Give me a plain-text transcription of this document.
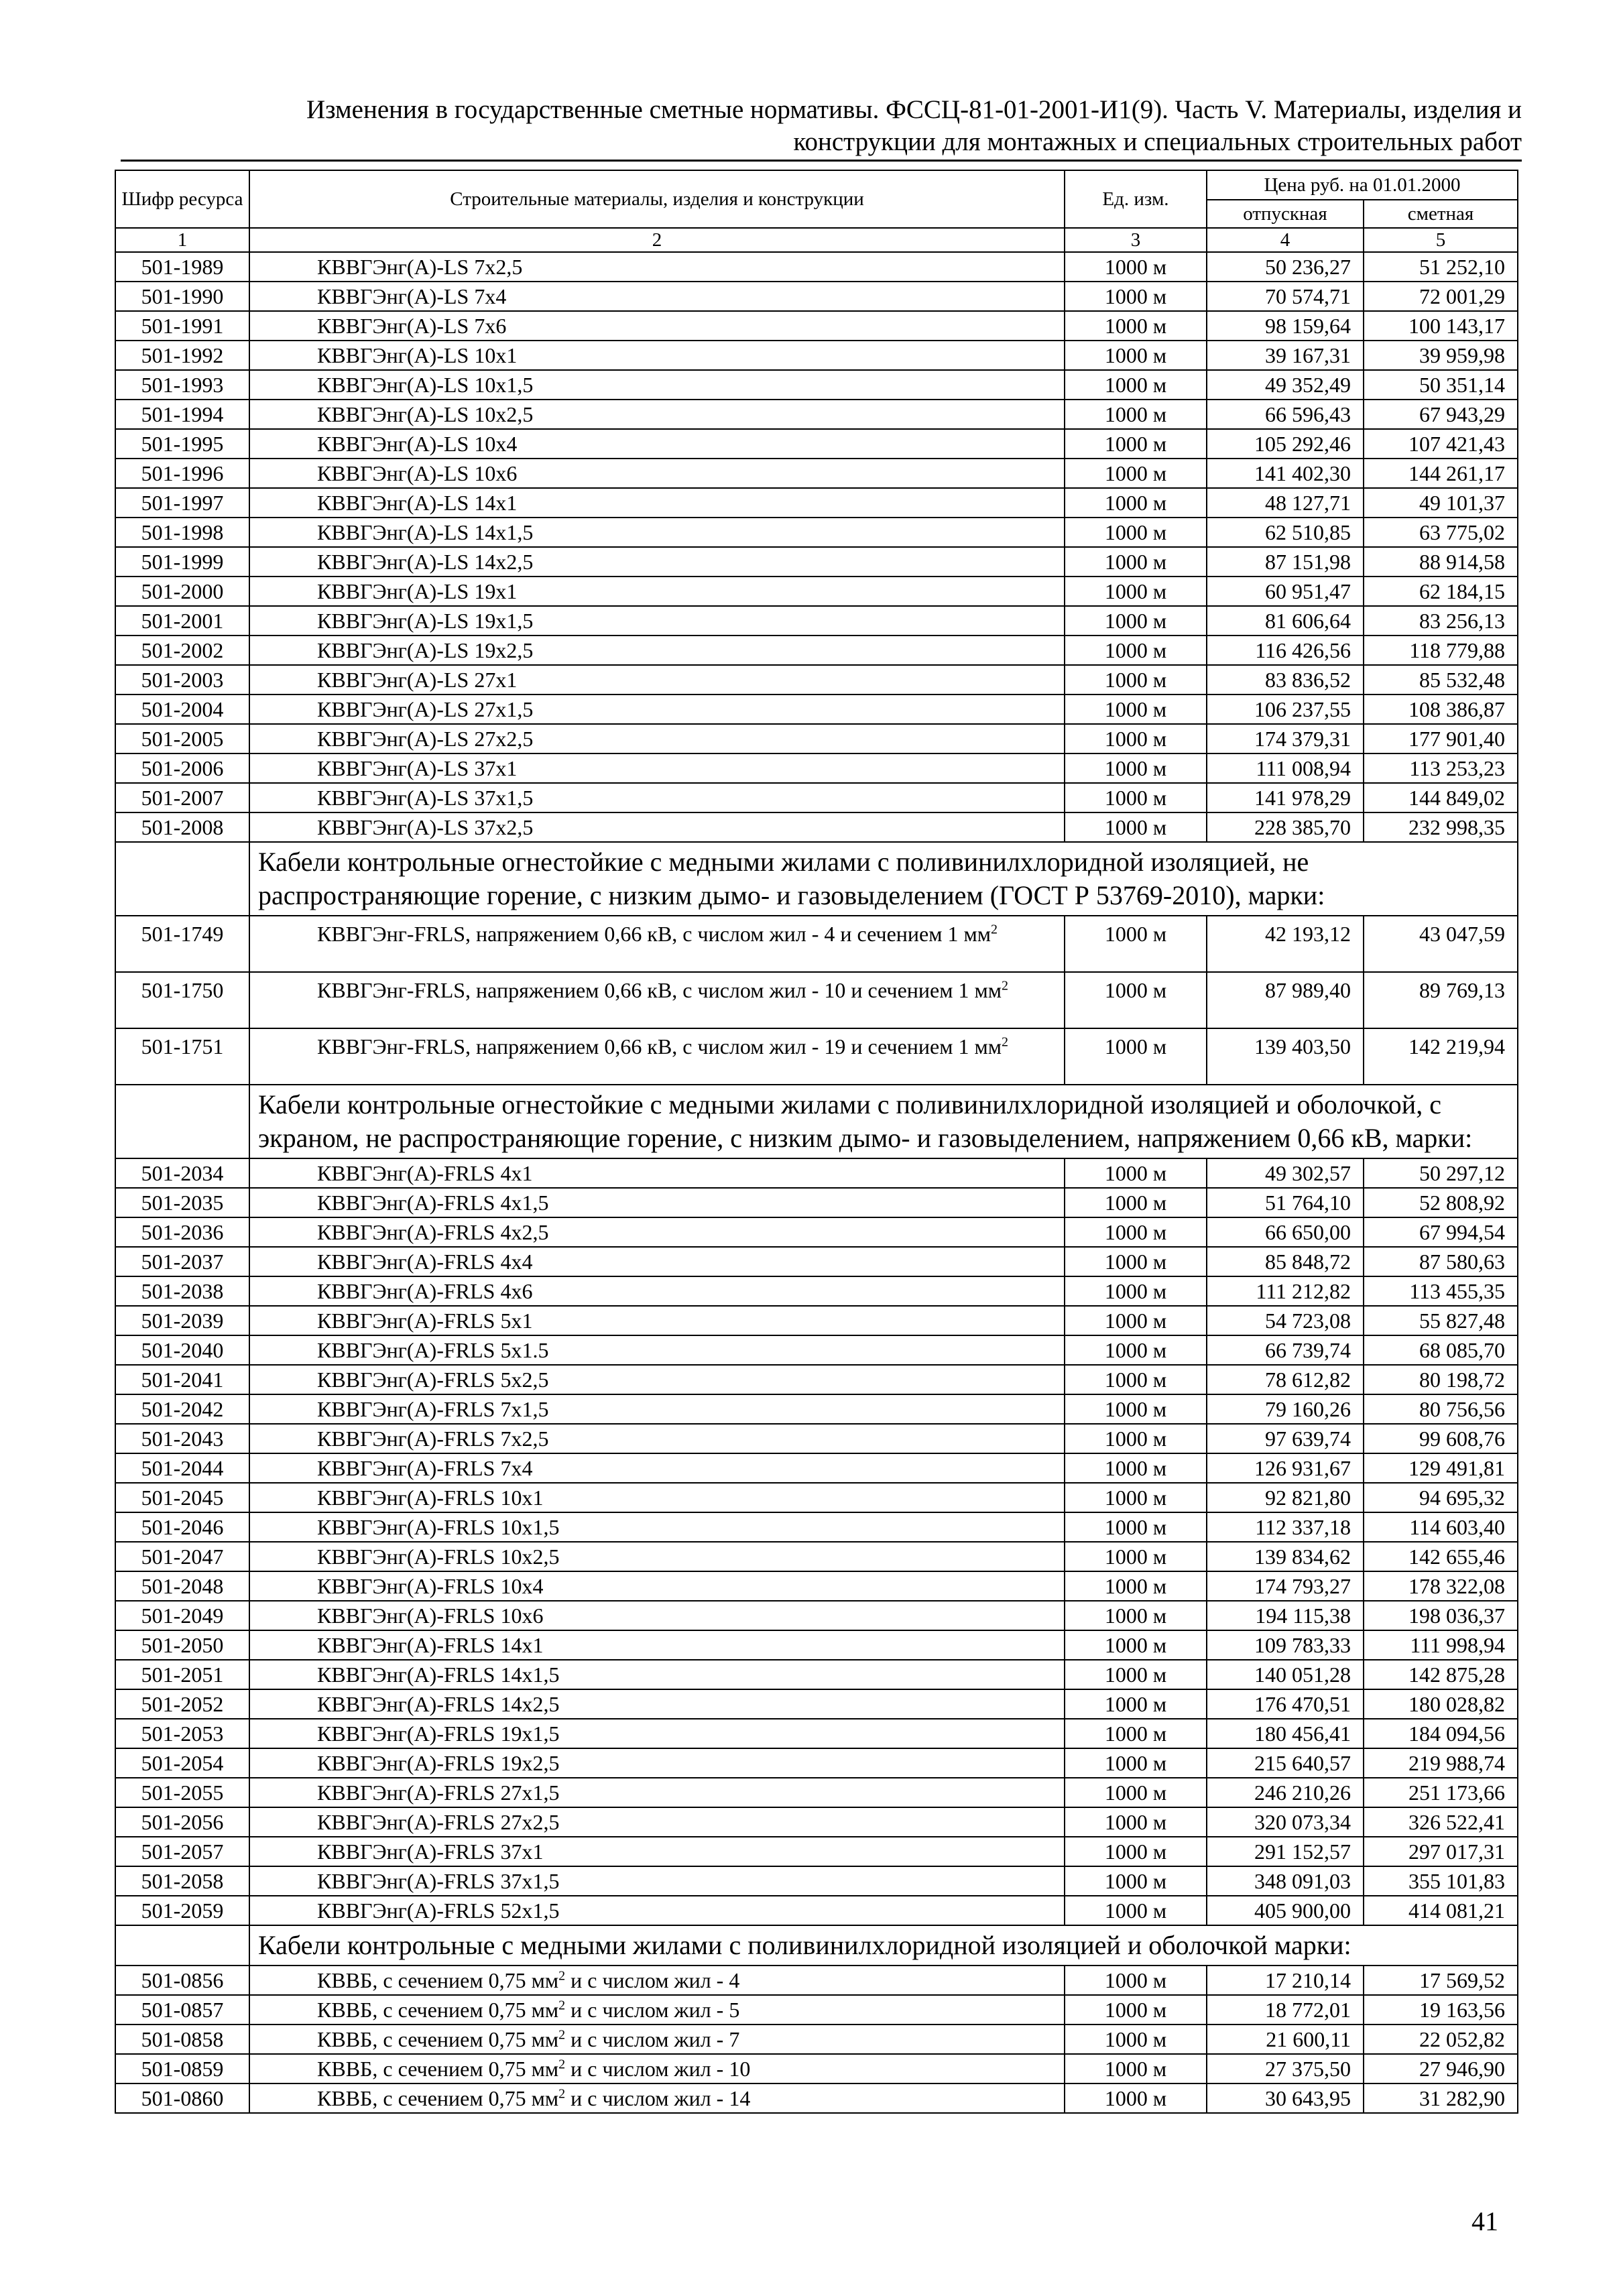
Изменения в государственные сметные нормативы. ФССЦ-81-01-2001-И1(9). Часть V. Материалы, изделия и
конструкции для монтажных и специальных строительных работ
Шифр ресурса	Строительные материалы, изделия и конструкции	Ед. изм.	Цена руб. на 01.01.2000	
			отпускная	сметная
1	2	3	4	5
501-1989	КВВГЭнг(А)-LS 7х2,5	1000 м	50 236,27	51 252,10
501-1990	КВВГЭнг(А)-LS 7х4	1000 м	70 574,71	72 001,29
501-1991	КВВГЭнг(А)-LS 7х6	1000 м	98 159,64	100 143,17
501-1992	КВВГЭнг(А)-LS 10х1	1000 м	39 167,31	39 959,98
501-1993	КВВГЭнг(А)-LS 10х1,5	1000 м	49 352,49	50 351,14
501-1994	КВВГЭнг(А)-LS 10х2,5	1000 м	66 596,43	67 943,29
501-1995	КВВГЭнг(А)-LS 10х4	1000 м	105 292,46	107 421,43
501-1996	КВВГЭнг(А)-LS 10х6	1000 м	141 402,30	144 261,17
501-1997	КВВГЭнг(А)-LS 14х1	1000 м	48 127,71	49 101,37
501-1998	КВВГЭнг(А)-LS 14х1,5	1000 м	62 510,85	63 775,02
501-1999	КВВГЭнг(А)-LS 14х2,5	1000 м	87 151,98	88 914,58
501-2000	КВВГЭнг(А)-LS 19х1	1000 м	60 951,47	62 184,15
501-2001	КВВГЭнг(А)-LS 19х1,5	1000 м	81 606,64	83 256,13
501-2002	КВВГЭнг(А)-LS 19х2,5	1000 м	116 426,56	118 779,88
501-2003	КВВГЭнг(А)-LS 27х1	1000 м	83 836,52	85 532,48
501-2004	КВВГЭнг(А)-LS 27х1,5	1000 м	106 237,55	108 386,87
501-2005	КВВГЭнг(А)-LS 27х2,5	1000 м	174 379,31	177 901,40
501-2006	КВВГЭнг(А)-LS 37х1	1000 м	111 008,94	113 253,23
501-2007	КВВГЭнг(А)-LS 37х1,5	1000 м	141 978,29	144 849,02
501-2008	КВВГЭнг(А)-LS 37х2,5	1000 м	228 385,70	232 998,35
	Кабели контрольные огнестойкие с медными жилами с поливинилхлоридной изоляцией, не распространяющие горение, с низким дымо- и газовыделением (ГОСТ Р 53769-2010), марки:			
501-1749	КВВГЭнг-FRLS, напряжением 0,66 кВ, с числом жил - 4 и сечением 1 $мм^2$	1000 м	42 193,12	43 047,59
501-1750	КВВГЭнг-FRLS, напряжением 0,66 кВ, с числом жил - 10 и сечением 1 $мм^2$	1000 м	87 989,40	89 769,13
501-1751	КВВГЭнг-FRLS, напряжением 0,66 кВ, с числом жил - 19 и сечением 1 $мм^2$	1000 м	139 403,50	142 219,94
	Кабели контрольные огнестойкие с медными жилами с поливинилхлоридной изоляцией и оболочкой, с экраном, не распространяющие горение, с низким дымо- и газовыделением, напряжением 0,66 кВ, марки:			
501-2034	КВВГЭнг(А)-FRLS 4х1	1000 м	49 302,57	50 297,12
501-2035	КВВГЭнг(А)-FRLS 4х1,5	1000 м	51 764,10	52 808,92
501-2036	КВВГЭнг(А)-FRLS 4х2,5	1000 м	66 650,00	67 994,54
501-2037	КВВГЭнг(А)-FRLS 4х4	1000 м	85 848,72	87 580,63
501-2038	КВВГЭнг(А)-FRLS 4х6	1000 м	111 212,82	113 455,35
501-2039	КВВГЭнг(А)-FRLS 5х1	1000 м	54 723,08	55 827,48
501-2040	КВВГЭнг(А)-FRLS 5х1.5	1000 м	66 739,74	68 085,70
501-2041	КВВГЭнг(А)-FRLS 5х2,5	1000 м	78 612,82	80 198,72
501-2042	КВВГЭнг(А)-FRLS 7х1,5	1000 м	79 160,26	80 756,56
501-2043	КВВГЭнг(А)-FRLS 7х2,5	1000 м	97 639,74	99 608,76
501-2044	КВВГЭнг(А)-FRLS 7х4	1000 м	126 931,67	129 491,81
501-2045	КВВГЭнг(А)-FRLS 10х1	1000 м	92 821,80	94 695,32
501-2046	КВВГЭнг(А)-FRLS 10х1,5	1000 м	112 337,18	114 603,40
501-2047	КВВГЭнг(А)-FRLS 10х2,5	1000 м	139 834,62	142 655,46
501-2048	КВВГЭнг(А)-FRLS 10х4	1000 м	174 793,27	178 322,08
501-2049	КВВГЭнг(А)-FRLS 10х6	1000 м	194 115,38	198 036,37
501-2050	КВВГЭнг(А)-FRLS 14х1	1000 м	109 783,33	111 998,94
501-2051	КВВГЭнг(А)-FRLS 14х1,5	1000 м	140 051,28	142 875,28
501-2052	КВВГЭнг(А)-FRLS 14х2,5	1000 м	176 470,51	180 028,82
501-2053	КВВГЭнг(А)-FRLS 19х1,5	1000 м	180 456,41	184 094,56
501-2054	КВВГЭнг(А)-FRLS 19х2,5	1000 м	215 640,57	219 988,74
501-2055	КВВГЭнг(А)-FRLS 27х1,5	1000 м	246 210,26	251 173,66
501-2056	КВВГЭнг(А)-FRLS 27х2,5	1000 м	320 073,34	326 522,41
501-2057	КВВГЭнг(А)-FRLS 37х1	1000 м	291 152,57	297 017,31
501-2058	КВВГЭнг(А)-FRLS 37х1,5	1000 м	348 091,03	355 101,83
501-2059	КВВГЭнг(А)-FRLS 52х1,5	1000 м	405 900,00	414 081,21
	Кабели контрольные с медными жилами с поливинилхлоридной изоляцией и оболочкой марки:			
501-0856	КВВБ, с сечением 0,75 $мм^2$ и с числом жил - 4	1000 м	17 210,14	17 569,52
501-0857	КВВБ, с сечением 0,75 $мм^2$ и с числом жил - 5	1000 м	18 772,01	19 163,56
501-0858	КВВБ, с сечением 0,75 $мм^2$ и с числом жил - 7	1000 м	21 600,11	22 052,82
501-0859	КВВБ, с сечением 0,75 $мм^2$ и с числом жил - 10	1000 м	27 375,50	27 946,90
501-0860	КВВБ, с сечением 0,75 $мм^2$ и с числом жил - 14	1000 м	30 643,95	31 282,90
41
